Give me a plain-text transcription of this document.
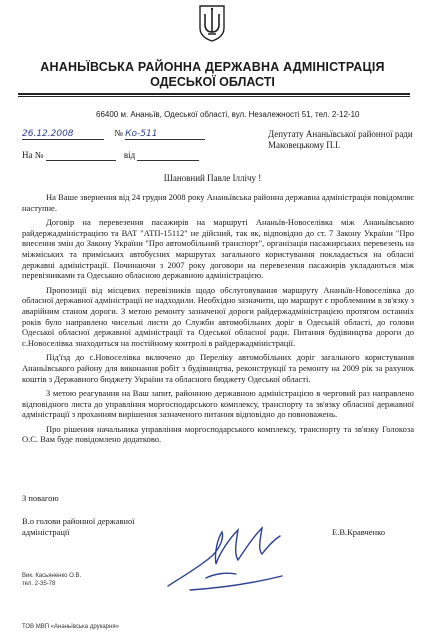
АНАНЬЇВСЬКА РАЙОННА ДЕРЖАВНА АДМІНІСТРАЦІЯ
ОДЕСЬКОЇ ОБЛАСТІ
66400 м. Ананьїв, Одеської області, вул. Незалежності 51, тел. 2-12-10
26.12.2008	№ Ко-511
На №	від
Депутату Ананьївської районної ради
Маковецькому П.І.
Шановний Павле Іллічу !

На Ваше звернення від 24 грудня 2008 року Ананьївська районна державна адміністрація повідомляє наступне.

Договір на перевезення пасажирів на маршруті Ананьїв-Новоселівка між Ананьївською райдержадміністрацією та ВАТ "АТП-15112" не дійсний, так як, відповідно до ст. 7 Закону України "Про внесення змін до Закону України "Про автомобільний транспорт", організація пасажирських перевезень на міжміських та приміських автобусних маршрутах загального користування покладається на обласні державні адміністрації. Починаючи з 2007 року договори на перевезення пасажирів укладаються між перевізниками та Одеською обласною державною адміністрацією.

Пропозиції від місцевих перевізників щодо обслуговування маршруту Ананьїв-Новоселівка до обласної державної адміністрації не надходили. Необхідно зазначити, що маршрут є проблемним в зв'язку з аварійним станом дороги. З метою ремонту зазначеної дороги райдержадміністрацією протягом останніх років було направлено чисельні листи до Служби автомобільних доріг в Одеській області, до голови Одеської обласної державної адміністрації та Одеської обласної ради. Питання будівництва дороги до с.Новоселівка знаходиться на постійному контролі в райдержадміністрації.

Під'їзд до с.Новоселівка включено до Переліку автомобільних доріг загального користування Ананьївського району для виконання робіт з будівництва, реконструкції та ремонту на 2009 рік за рахунок коштів з Державного бюджету України та обласного бюджету Одеської області.

З метою реагування на Ваш запит, районною державною адміністрацією в черговий раз направлено відповідного листа до управління моргосподарського комплексу, транспорту та зв'язку обласної державної адміністрації з проханням вирішення зазначеного питання відповідно до повноважень.

Про рішення начальника управління моргосподарського комплексу, транспорту та зв'язку Голокоза О.С. Вам буде повідомлено додатково.

З повагою
В.о голови районної державної
адміністрації	Е.В.Кравченко
Вик. Касьяненко О.В.
тел. 2-35-78
ТОВ МВП «Ананьївська друкарня»
